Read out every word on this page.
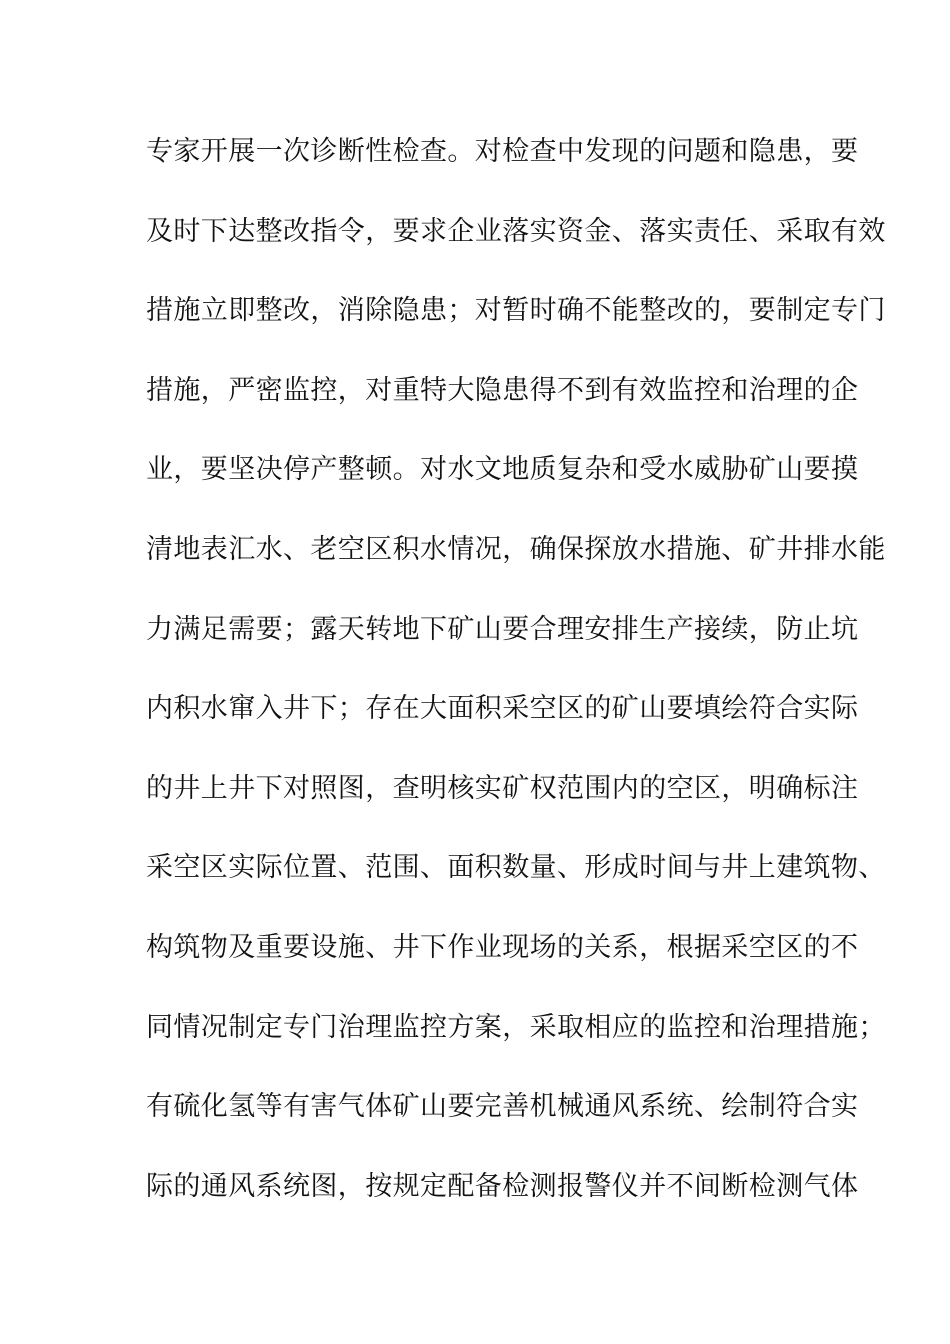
专家开展一次诊断性检查。对检查中发现的问题和隐患，要
及时下达整改指令，要求企业落实资金、落实责任、采取有效
措施立即整改，消除隐患；对暂时确不能整改的，要制定专门
措施，严密监控，对重特大隐患得不到有效监控和治理的企
业，要坚决停产整顿。对水文地质复杂和受水威胁矿山要摸
清地表汇水、老空区积水情况，确保探放水措施、矿井排水能
力满足需要；露天转地下矿山要合理安排生产接续，防止坑
内积水窜入井下；存在大面积采空区的矿山要填绘符合实际
的井上井下对照图，查明核实矿权范围内的空区，明确标注
采空区实际位置、范围、面积数量、形成时间与井上建筑物、
构筑物及重要设施、井下作业现场的关系，根据采空区的不
同情况制定专门治理监控方案，采取相应的监控和治理措施；
有硫化氢等有害气体矿山要完善机械通风系统、绘制符合实
际的通风系统图，按规定配备检测报警仪并不间断检测气体
